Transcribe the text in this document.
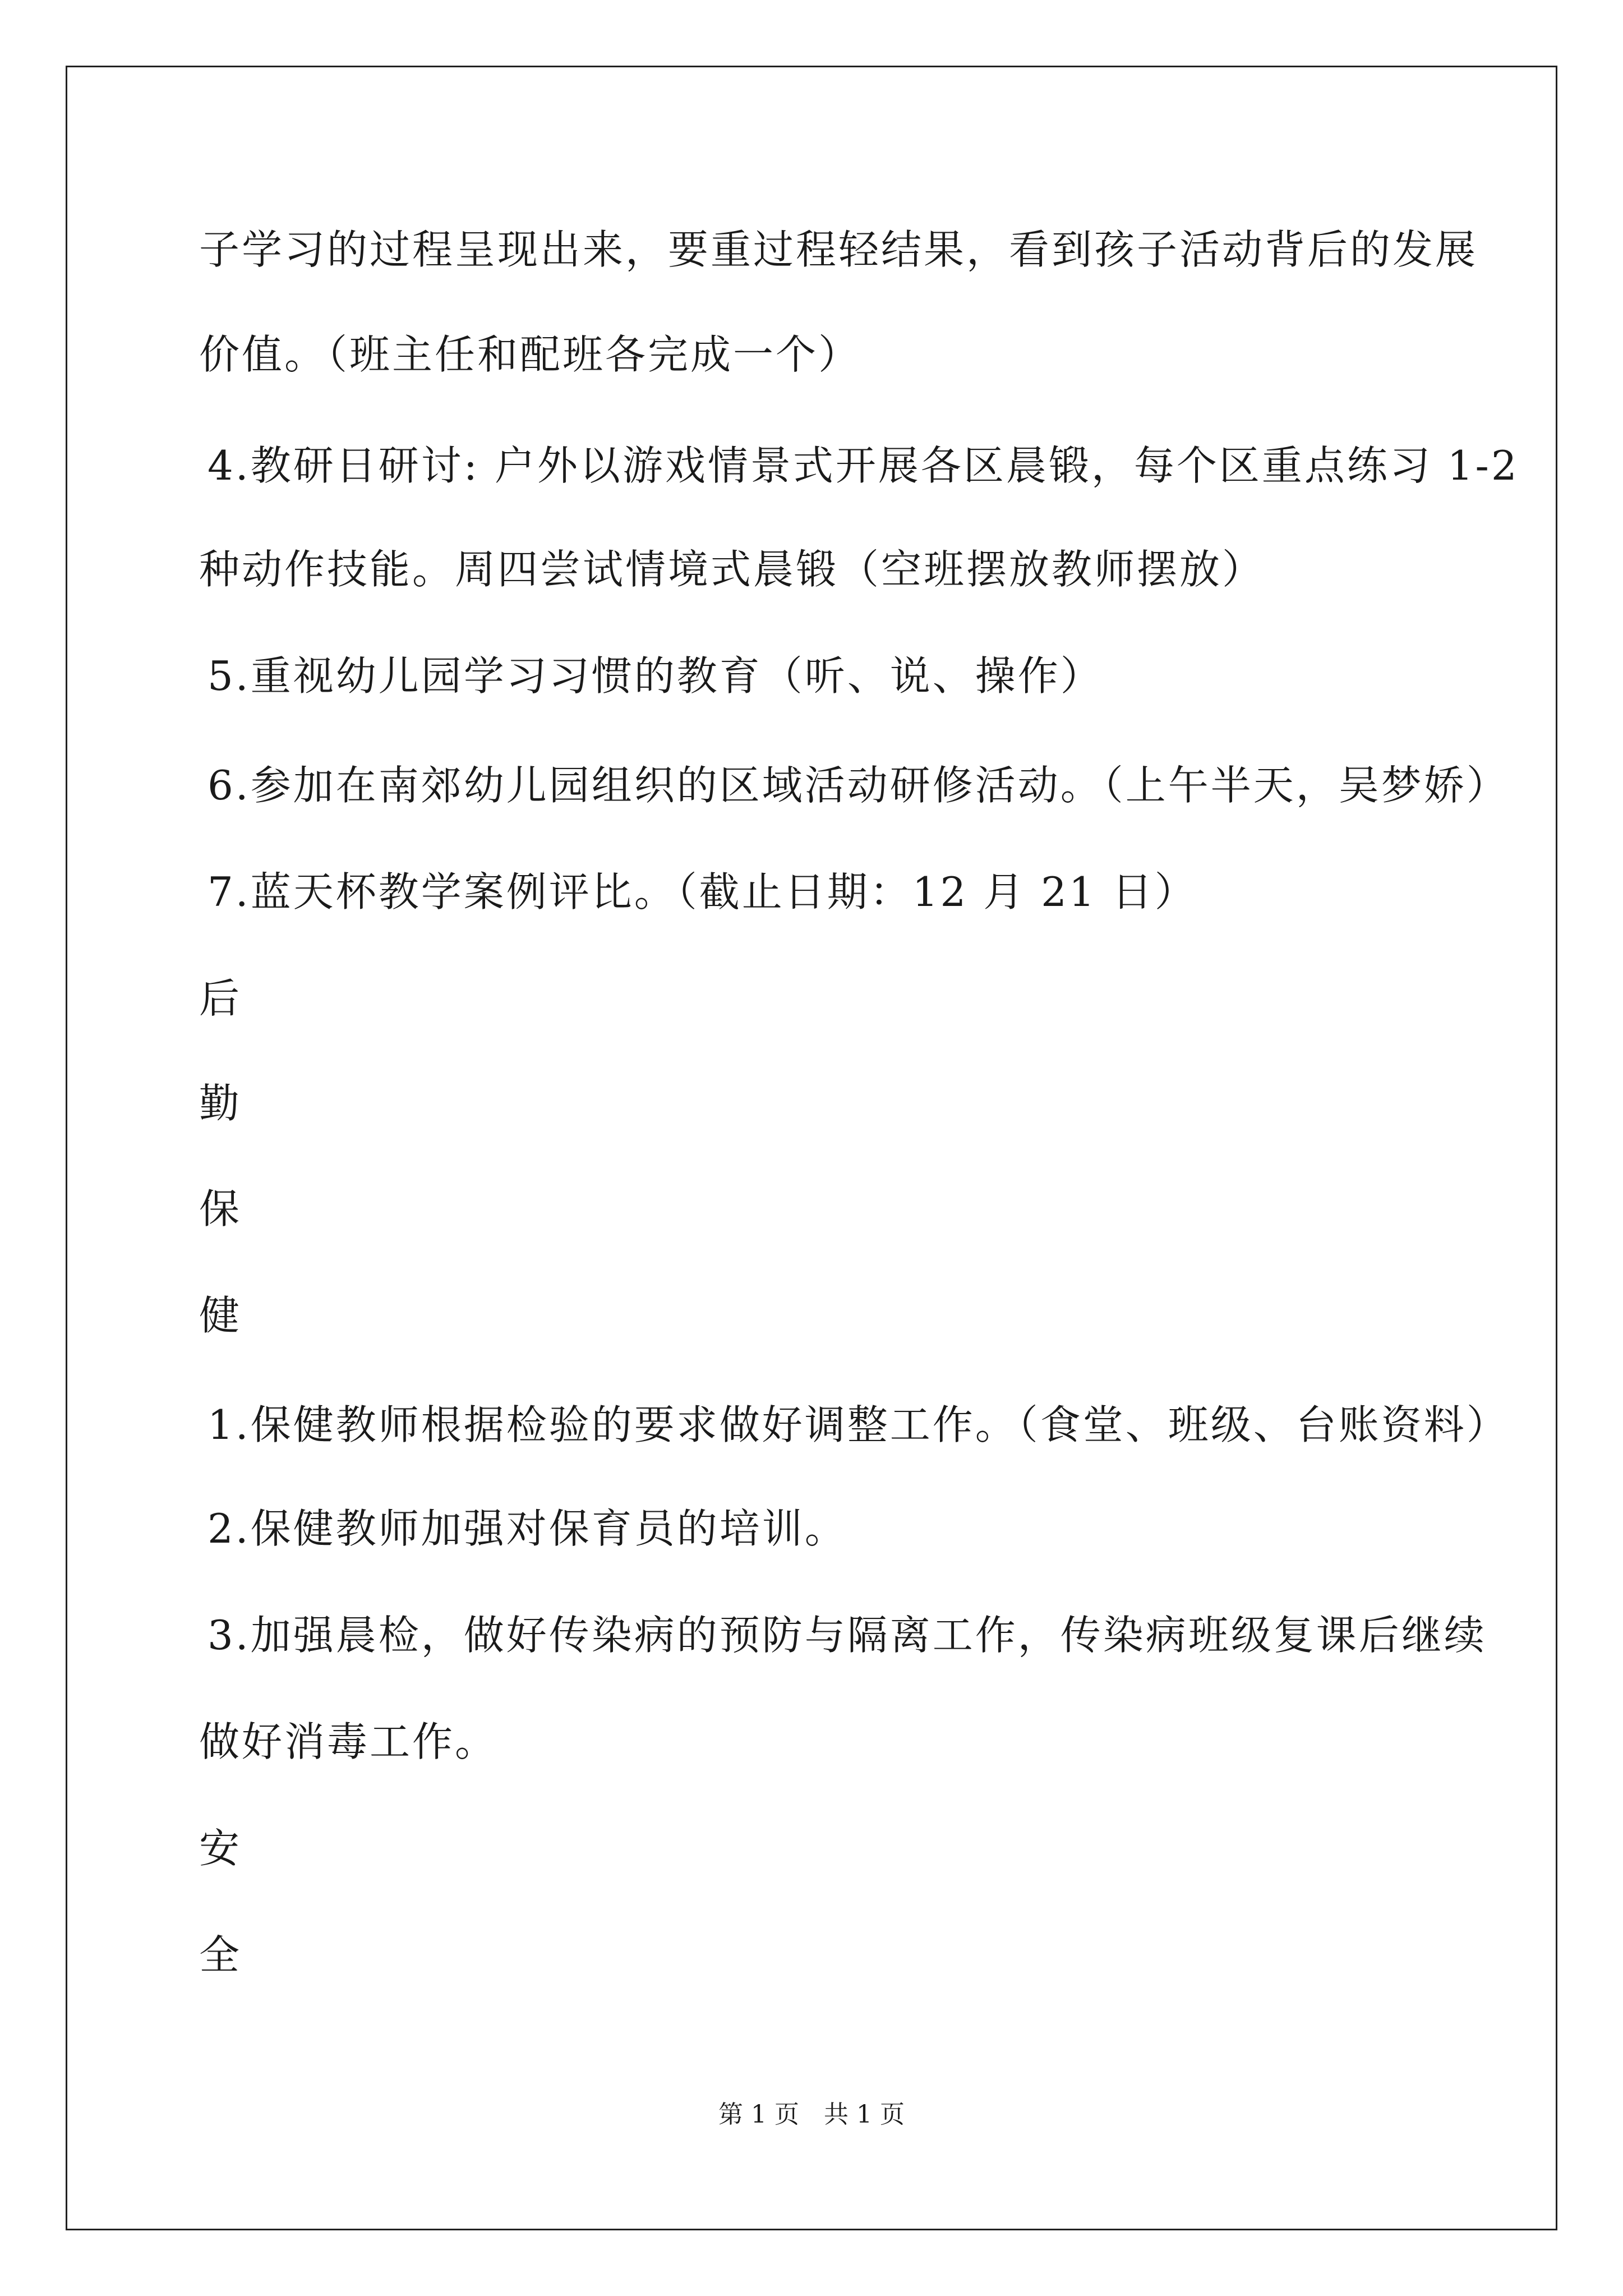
子学习的过程呈现出来，要重过程轻结果，看到孩子活动背后的发展
价值。（班主任和配班各完成一个）
4.教研日研讨: 户外以游戏情景式开展各区晨锻，每个区重点练习 1-2
种动作技能。周四尝试情境式晨锻（空班摆放教师摆放）
5.重视幼儿园学习习惯的教育（听、说、操作）
6.参加在南郊幼儿园组织的区域活动研修活动。（上午半天，吴梦娇）
7.蓝天杯教学案例评比。（截止日期：12 月 21 日）
后
勤
保
健
1.保健教师根据检验的要求做好调整工作。（食堂、班级、台账资料）
2.保健教师加强对保育员的培训。
3.加强晨检，做好传染病的预防与隔离工作，传染病班级复课后继续
做好消毒工作。
安
全
第 1 页　共 1 页
